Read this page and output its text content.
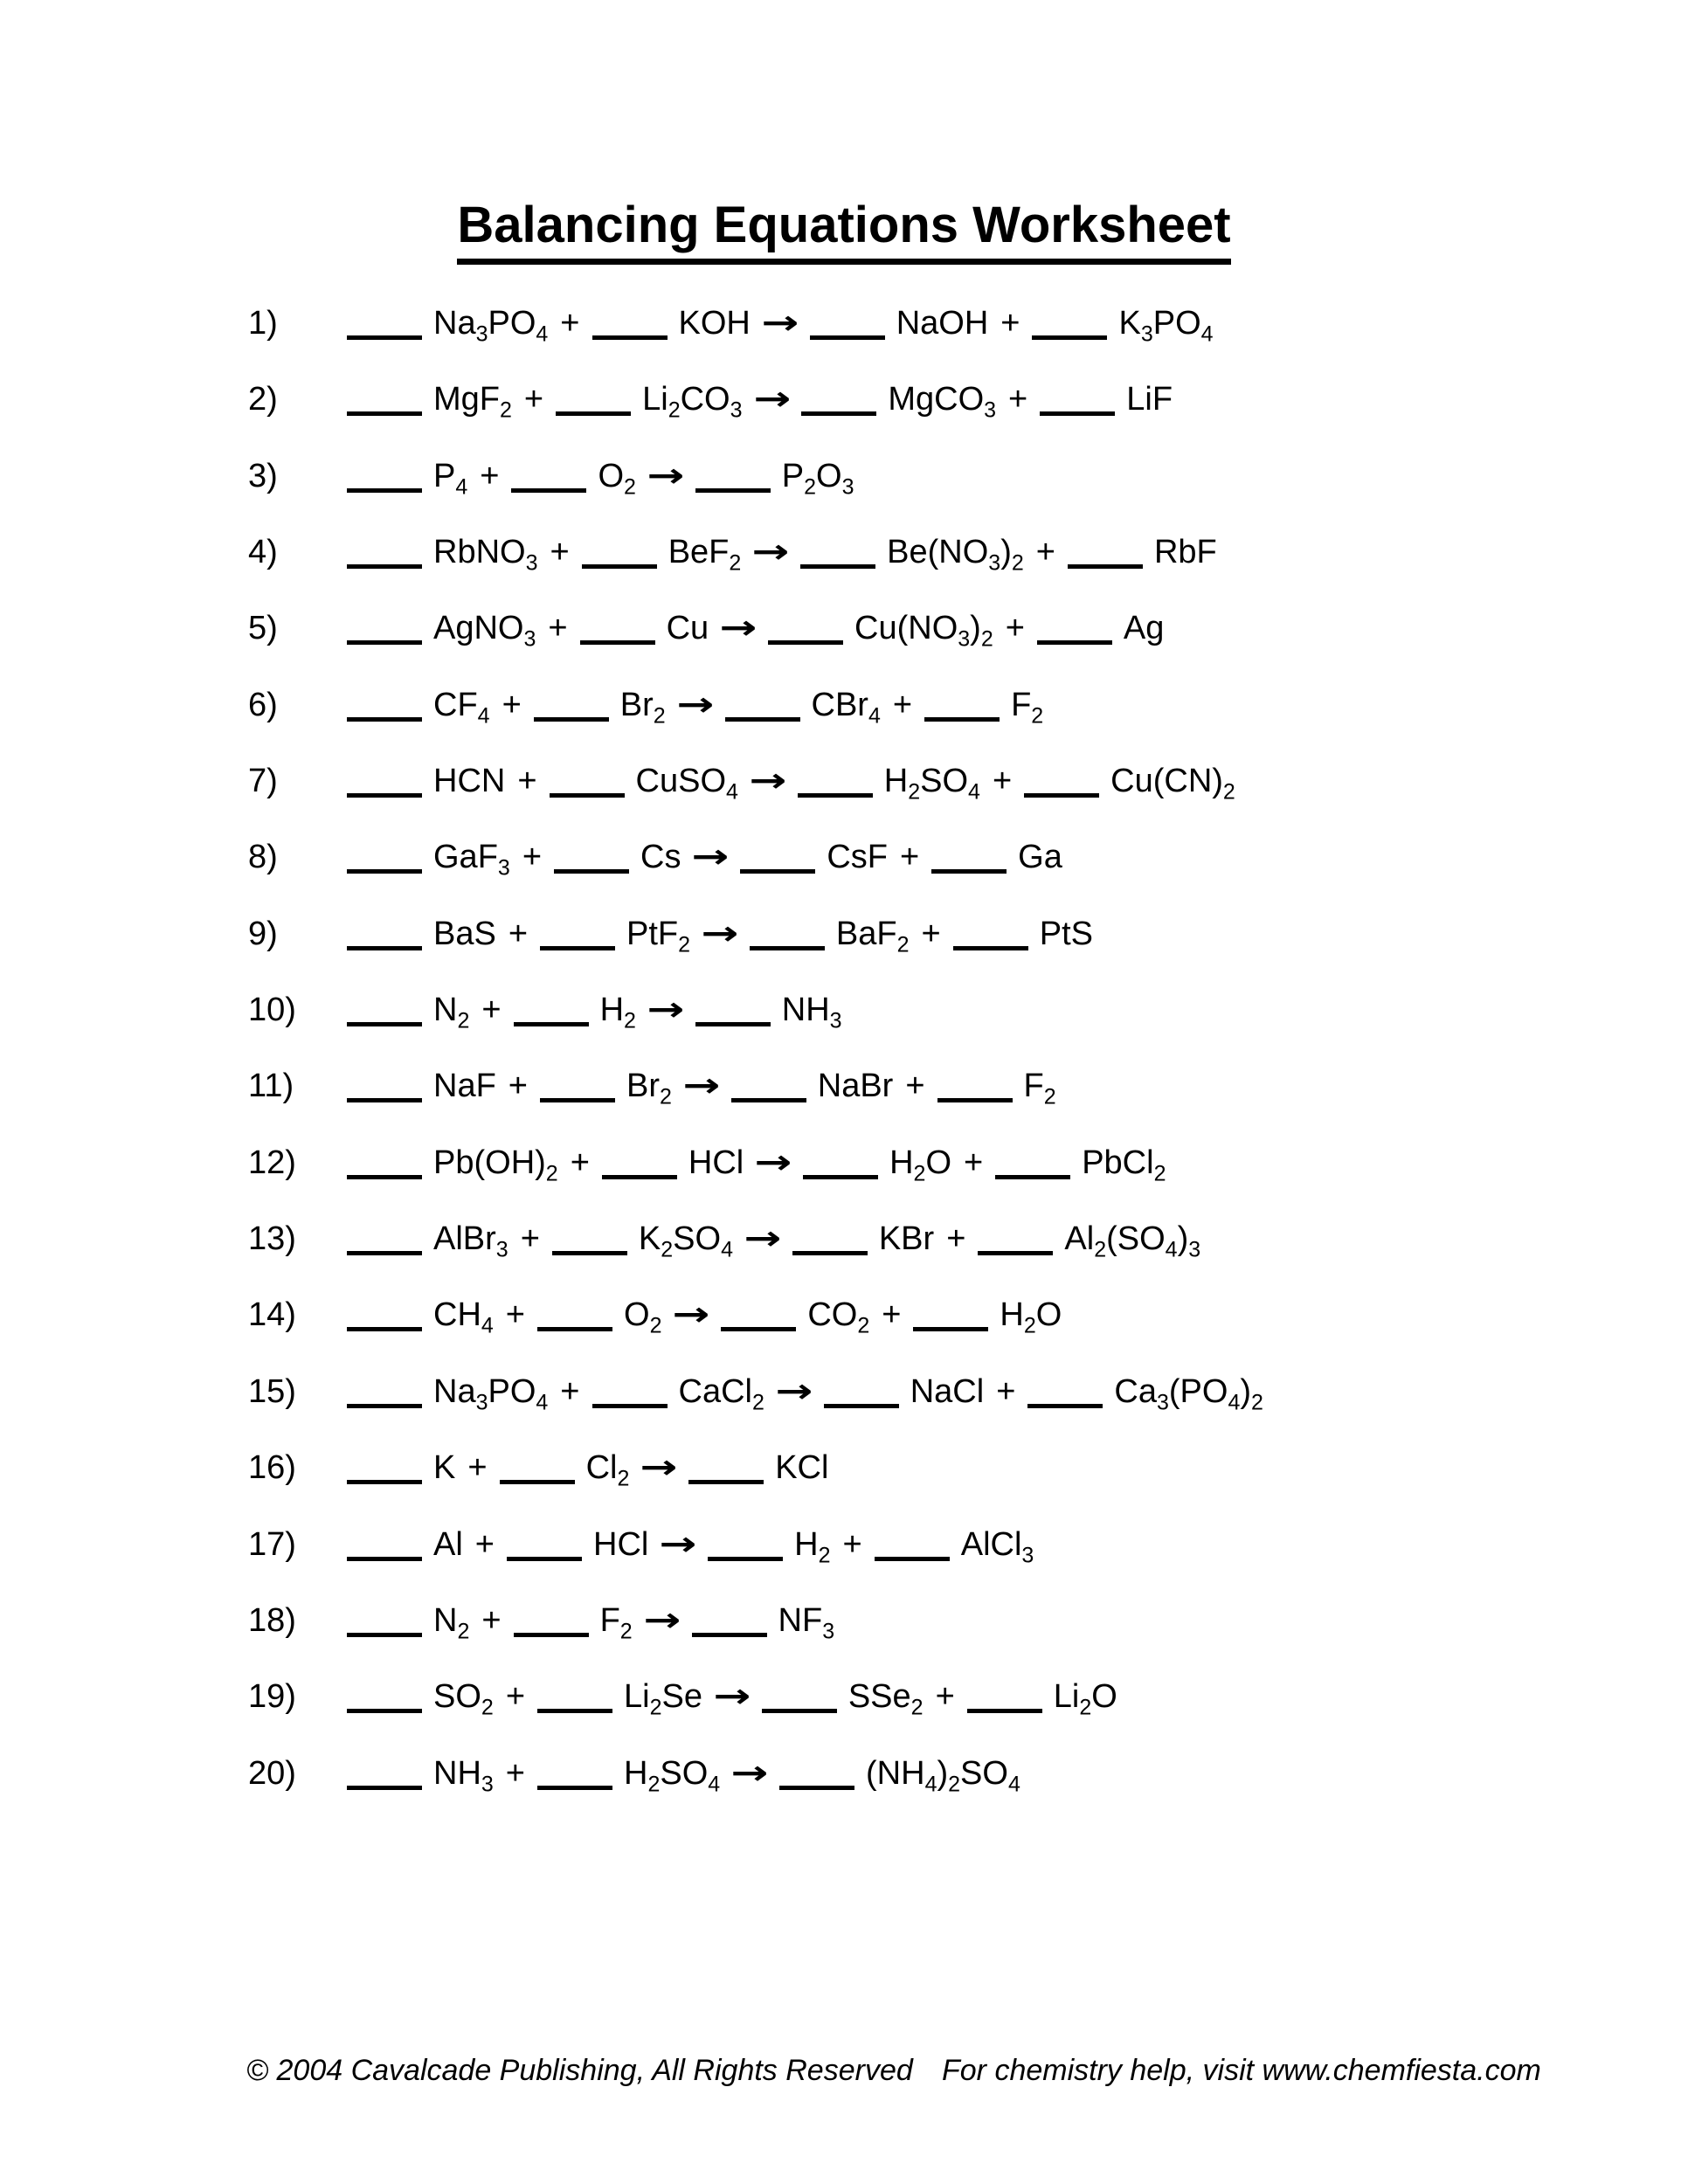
Balancing Equations Worksheet
1)	$Na_3PO_4$ +	KOH →	NaOH +	$K_3PO_4$
2)	MgF$_2$ +	$Li_2CO_3$ →	MgCO$_3$ +	LiF
3)	$P_4$ +	$O_2$ →	$P_2O_3$
4)	RbNO$_3$ +	BeF$_2$ →	$Be(NO_3)_2$ +	RbF
5)	AgNO$_3$ +	Cu →	$Cu(NO_3)_2$ +	Ag
6)	$CF_4$ +	$Br_2$ →	CBr$_4$ +	$F_2$
7)	HCN +	CuSO$_4$ →	$H_2SO_4$ +	$Cu(CN)_2$
8)	GaF$_3$ +	Cs →	CsF +	Ga
9)	BaS +	PtF$_2$ →	BaF$_2$ +	PtS
10)	$N_2$ +	$H_2$ →	$NH_3$
11)	NaF +	$Br_2$ →	NaBr +	$F_2$
12)	$Pb(OH)_2$ +	HCl →	$H_2O$ +	PbCl$_2$
13)	AlBr$_3$ +	$K_2SO_4$ →	KBr +	$Al_2(SO_4)_3$
14)	$CH_4$ +	$O_2$ →	$CO_2$ +	$H_2O$
15)	$Na_3PO_4$ +	CaCl$_2$ →	NaCl +	$Ca_3(PO_4)_2$
16)	K +	$Cl_2$ →	KCl
17)	Al +	HCl →	$H_2$ +	AlCl$_3$
18)	$N_2$ +	$F_2$ →	$NF_3$
19)	$SO_2$ +	$Li_2Se$ →	SSe$_2$ +	$Li_2O$
20)	$NH_3$ +	$H_2SO_4$ →	$(NH_4)_2SO_4$
© 2004 Cavalcade Publishing, All Rights Reserved For chemistry help, visit www.chemfiesta.com
